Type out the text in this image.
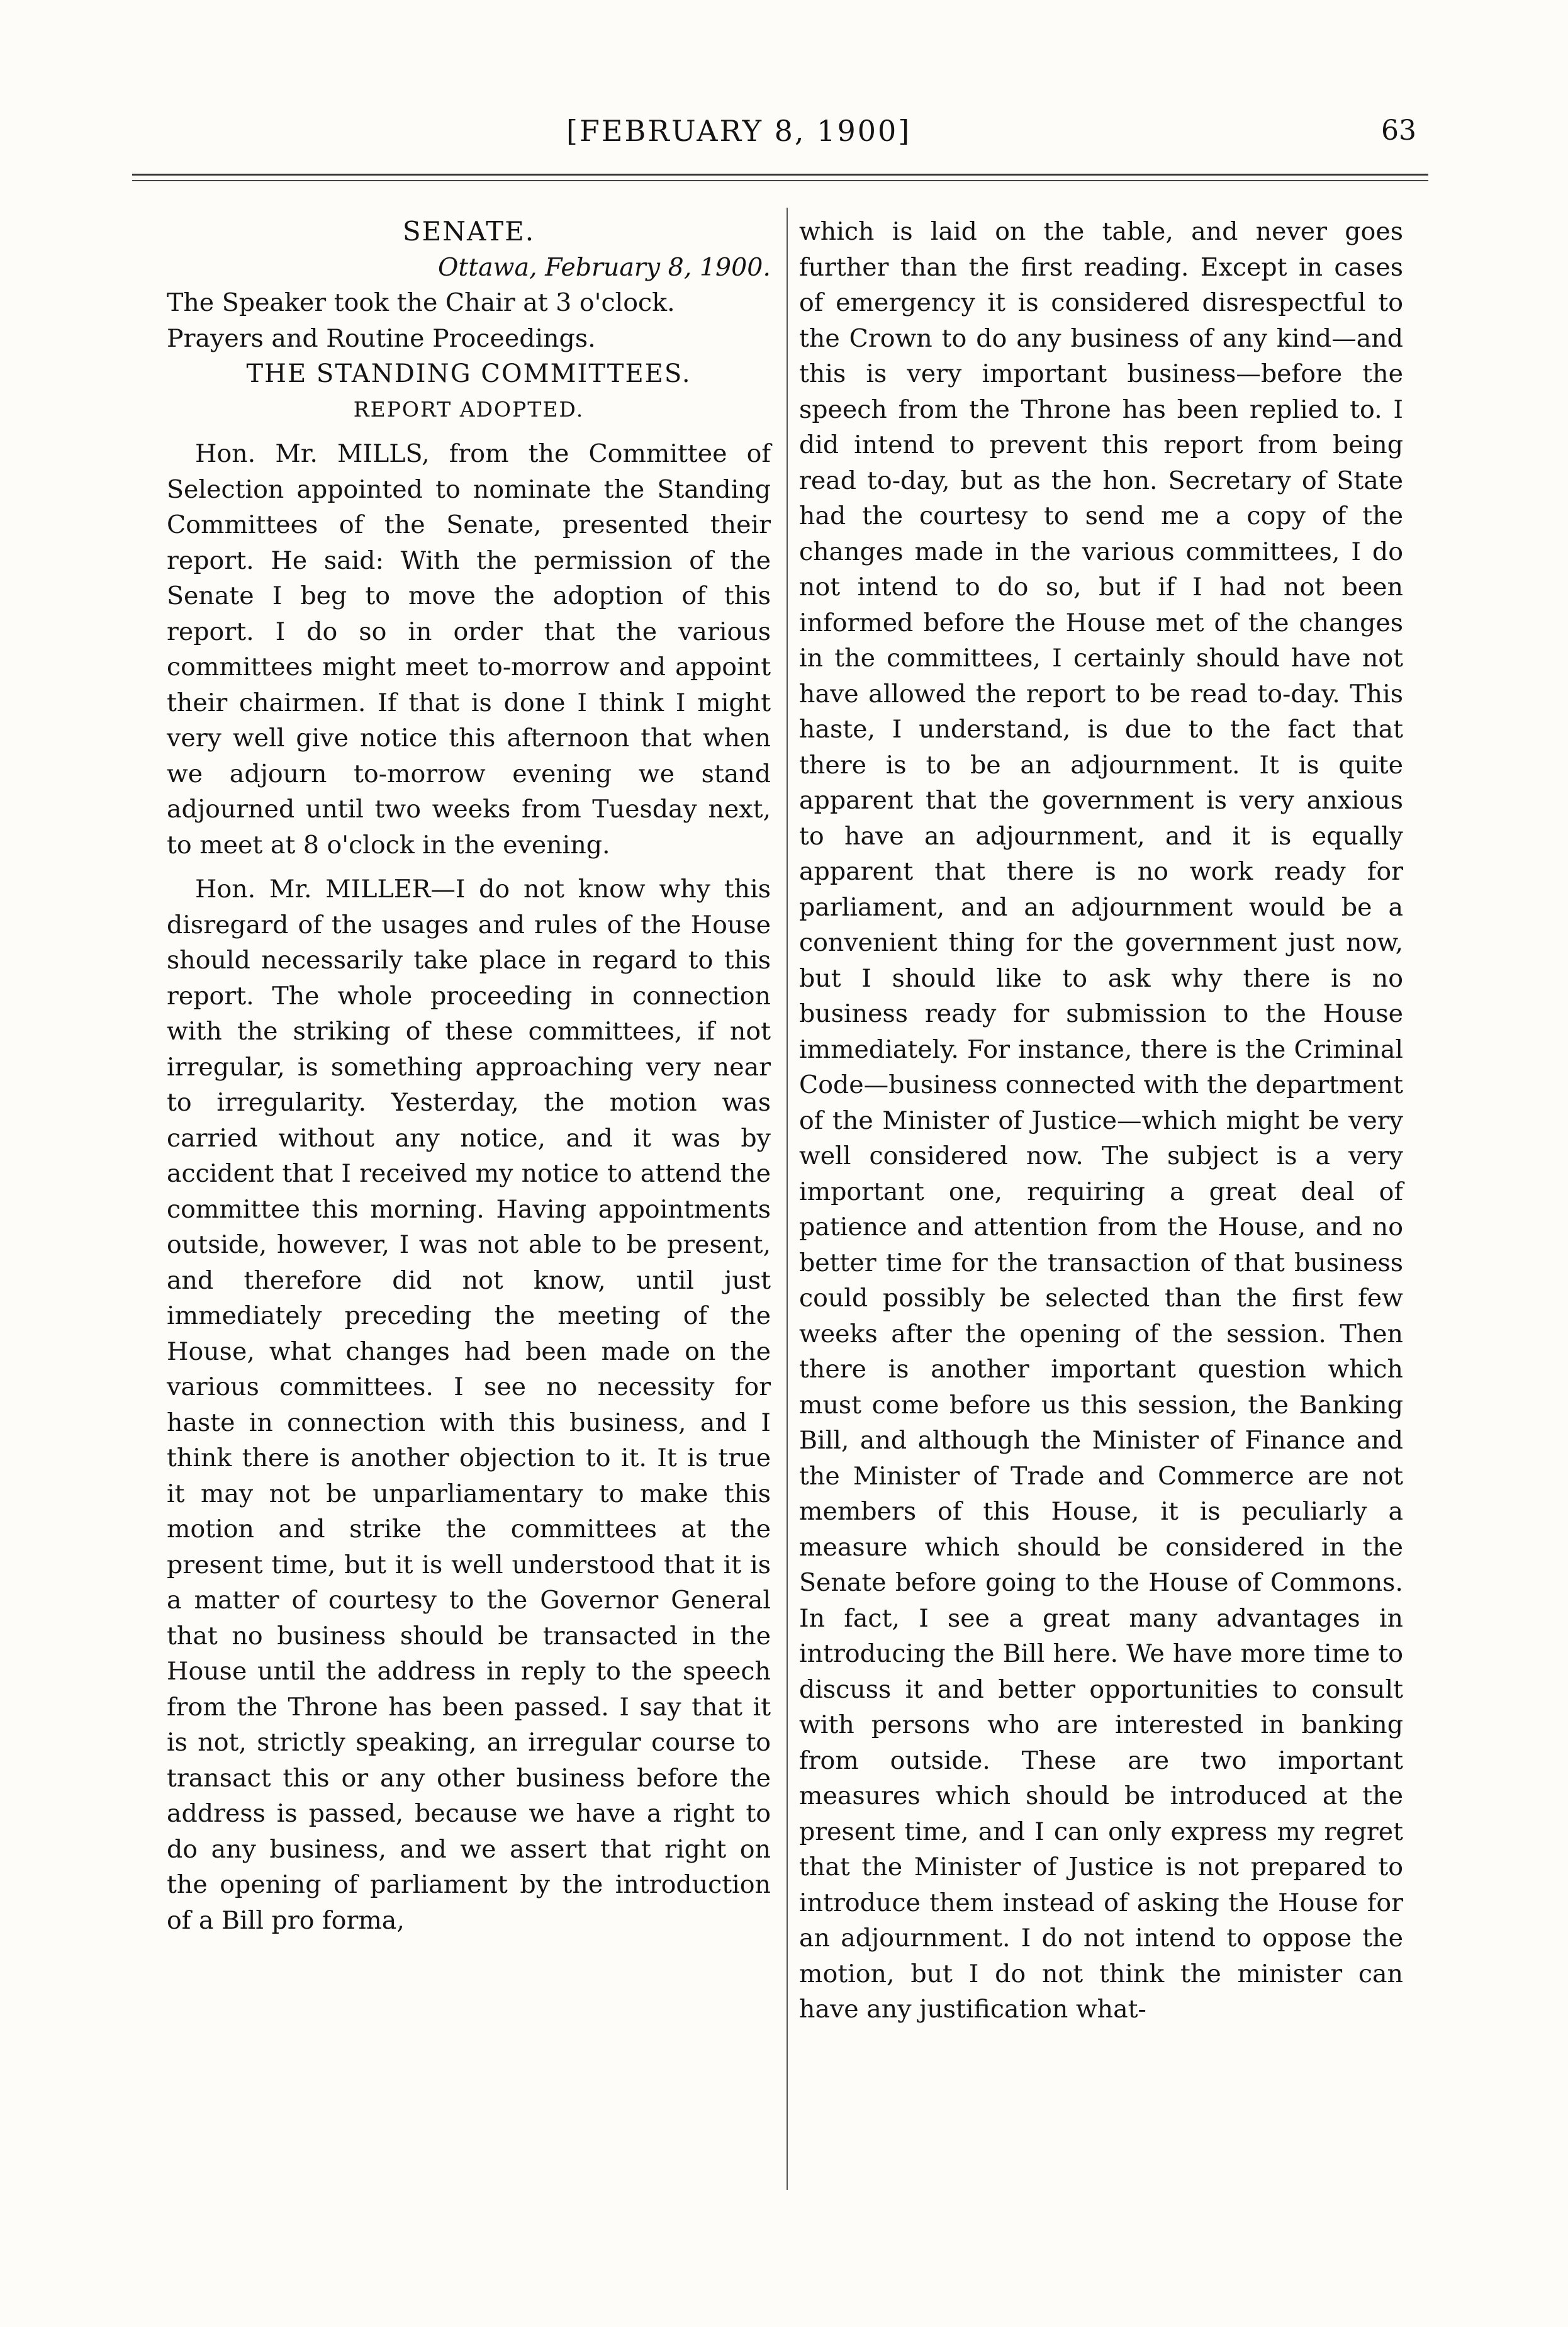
[FEBRUARY 8, 1900]	63

SENATE.

Ottawa, February 8, 1900.

The Speaker took the Chair at 3 o'clock.

Prayers and Routine Proceedings.

THE STANDING COMMITTEES.

REPORT ADOPTED.

Hon. Mr. MILLS, from the Committee of Selection appointed to nominate the Standing Committees of the Senate, presented their report. He said: With the permission of the Senate I beg to move the adoption of this report. I do so in order that the various committees might meet to-morrow and appoint their chairmen. If that is done I think I might very well give notice this afternoon that when we adjourn to-morrow evening we stand adjourned until two weeks from Tuesday next, to meet at 8 o'clock in the evening.

Hon. Mr. MILLER—I do not know why this disregard of the usages and rules of the House should necessarily take place in regard to this report. The whole proceeding in connection with the striking of these committees, if not irregular, is something approaching very near to irregularity. Yesterday, the motion was carried without any notice, and it was by accident that I received my notice to attend the committee this morning. Having appointments outside, however, I was not able to be present, and therefore did not know, until just immediately preceding the meeting of the House, what changes had been made on the various committees. I see no necessity for haste in connection with this business, and I think there is another objection to it. It is true it may not be unparliamentary to make this motion and strike the committees at the present time, but it is well understood that it is a matter of courtesy to the Governor General that no business should be transacted in the House until the address in reply to the speech from the Throne has been passed. I say that it is not, strictly speaking, an irregular course to transact this or any other business before the address is passed, because we have a right to do any business, and we assert that right on the opening of parliament by the introduction of a Bill pro forma,

which is laid on the table, and never goes further than the first reading. Except in cases of emergency it is considered disrespectful to the Crown to do any business of any kind—and this is very important business—before the speech from the Throne has been replied to. I did intend to prevent this report from being read to-day, but as the hon. Secretary of State had the courtesy to send me a copy of the changes made in the various committees, I do not intend to do so, but if I had not been informed before the House met of the changes in the committees, I certainly should have not have allowed the report to be read to-day. This haste, I understand, is due to the fact that there is to be an adjournment. It is quite apparent that the government is very anxious to have an adjournment, and it is equally apparent that there is no work ready for parliament, and an adjournment would be a convenient thing for the government just now, but I should like to ask why there is no business ready for submission to the House immediately. For instance, there is the Criminal Code—business connected with the department of the Minister of Justice—which might be very well considered now. The subject is a very important one, requiring a great deal of patience and attention from the House, and no better time for the transaction of that business could possibly be selected than the first few weeks after the opening of the session. Then there is another important question which must come before us this session, the Banking Bill, and although the Minister of Finance and the Minister of Trade and Commerce are not members of this House, it is peculiarly a measure which should be considered in the Senate before going to the House of Commons. In fact, I see a great many advantages in introducing the Bill here. We have more time to discuss it and better opportunities to consult with persons who are interested in banking from outside. These are two important measures which should be introduced at the present time, and I can only express my regret that the Minister of Justice is not prepared to introduce them instead of asking the House for an adjournment. I do not intend to oppose the motion, but I do not think the minister can have any justification what-
